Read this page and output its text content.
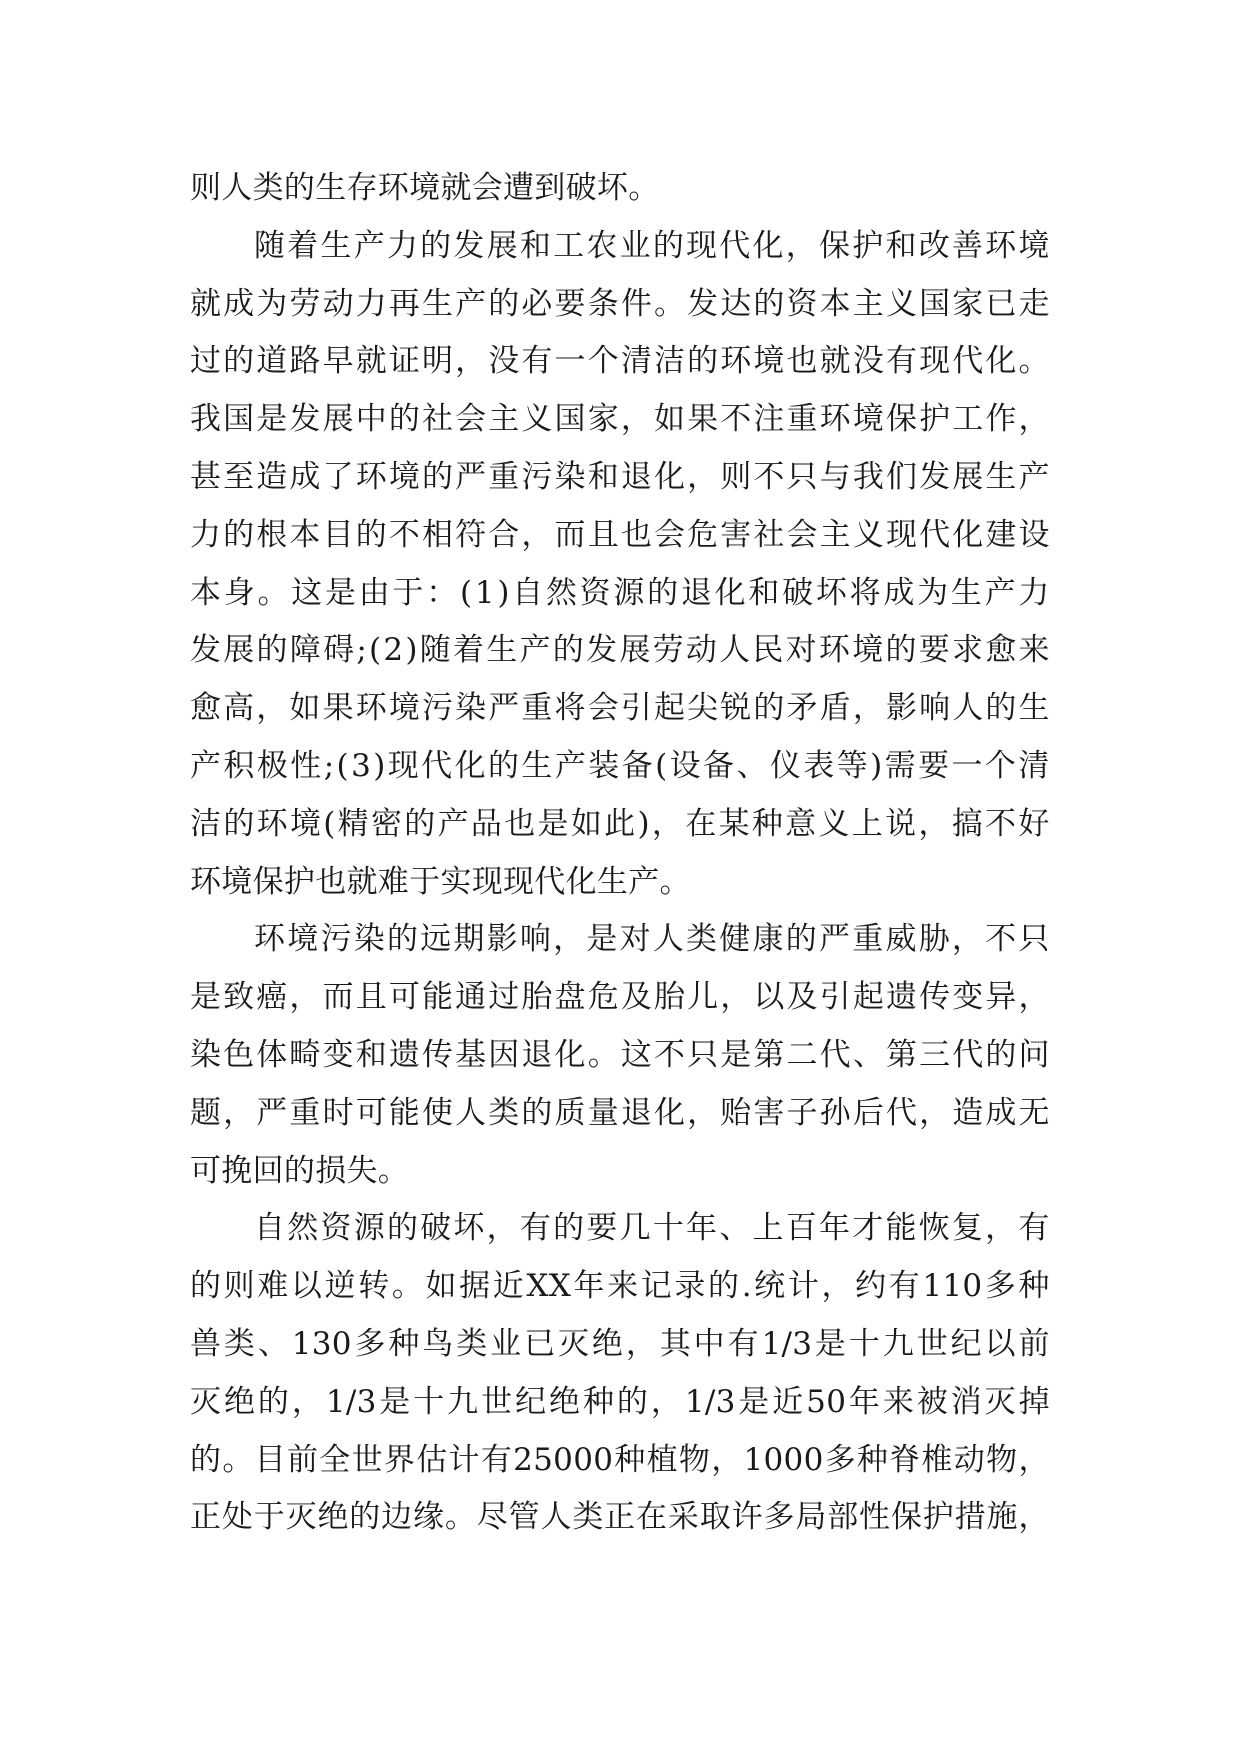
则人类的生存环境就会遭到破坏。
随 着 生 产 力 的 发 展 和 工 农 业 的 现 代 化 ， 保 护 和 改 善 环 境
就 成 为 劳 动 力 再 生 产 的 必 要 条 件 。 发 达 的 资 本 主 义 国 家 已 走
过 的 道 路 早 就 证 明 ， 没 有 一 个 清 洁 的 环 境 也 就 没 有 现 代 化 。
我 国 是 发 展 中 的 社 会 主 义 国 家 ， 如 果 不 注 重 环 境 保 护 工 作 ，
甚 至 造 成 了 环 境 的 严 重 污 染 和 退 化 ， 则 不 只 与 我 们 发 展 生 产
力 的 根 本 目 的 不 相 符 合 ， 而 且 也 会 危 害 社 会 主 义 现 代 化 建 设
本 身 。 这 是 由 于 ： ( 1 ) 自 然 资 源 的 退 化 和 破 坏 将 成 为 生 产 力
发 展 的 障 碍 ; ( 2 ) 随 着 生 产 的 发 展 劳 动 人 民 对 环 境 的 要 求 愈 来
愈 高 ， 如 果 环 境 污 染 严 重 将 会 引 起 尖 锐 的 矛 盾 ， 影 响 人 的 生
产 积 极 性 ; ( 3 ) 现 代 化 的 生 产 装 备 ( 设 备 、 仪 表 等 ) 需 要 一 个 清
洁 的 环 境 ( 精 密 的 产 品 也 是 如 此 ) ， 在 某 种 意 义 上 说 ， 搞 不 好
环境保护也就难于实现现代化生产。
环 境 污 染 的 远 期 影 响 ， 是 对 人 类 健 康 的 严 重 威 胁 ， 不 只
是 致 癌 ， 而 且 可 能 通 过 胎 盘 危 及 胎 儿 ， 以 及 引 起 遗 传 变 异 ，
染 色 体 畸 变 和 遗 传 基 因 退 化 。 这 不 只 是 第 二 代 、 第 三 代 的 问
题 ， 严 重 时 可 能 使 人 类 的 质 量 退 化 ， 贻 害 子 孙 后 代 ， 造 成 无
可挽回的损失。
自 然 资 源 的 破 坏 ， 有 的 要 几 十 年 、 上 百 年 才 能 恢 复 ， 有
的 则 难 以 逆 转 。 如 据 近 XX 年 来 记 录 的 . 统 计 ， 约 有 110 多 种
兽 类 、 130 多 种 鸟 类 业 已 灭 绝 ， 其 中 有 1/3 是 十 九 世 纪 以 前
灭 绝 的 ， 1/3 是 十 九 世 纪 绝 种 的 ， 1/3 是 近 50 年 来 被 消 灭 掉
的 。 目 前 全 世 界 估 计 有 25000 种 植 物 ， 1000 多 种 脊 椎 动 物 ，
正 处 于 灭 绝 的 边 缘 。 尽 管 人 类 正 在 采 取 许 多 局 部 性 保 护 措 施 ，
